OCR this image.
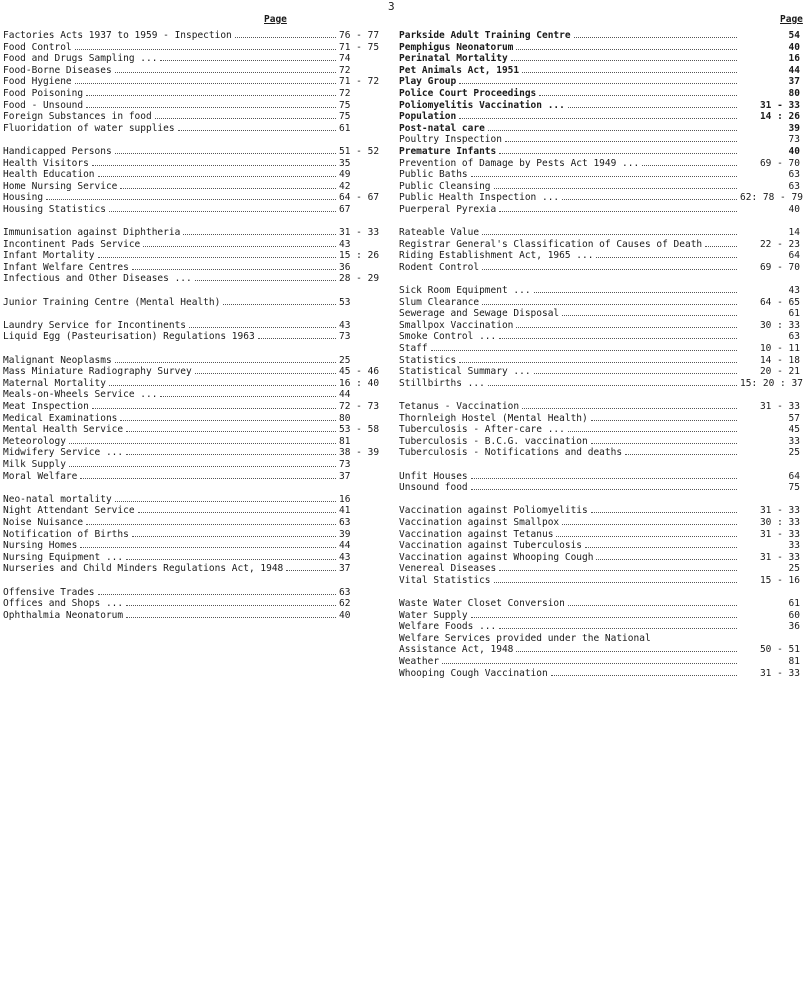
3
Page	Page
Factories Acts 1937 to 1959 - Inspection	76 - 77
Food Control	71 - 75
Food and Drugs Sampling ...	74
Food-Borne Diseases	72
Food Hygiene	71 - 72
Food Poisoning	72
Food - Unsound	75
Foreign Substances in food	75
Fluoridation of water supplies	61
Handicapped Persons	51 - 52
Health Visitors	35
Health Education	49
Home Nursing Service	42
Housing	64 - 67
Housing Statistics	67
Immunisation against Diphtheria	31 - 33
Incontinent Pads Service	43
Infant Mortality	15 : 26
Infant Welfare Centres	36
Infectious and Other Diseases ...	28 - 29
Junior Training Centre (Mental Health)	53
Laundry Service for Incontinents	43
Liquid Egg (Pasteurisation) Regulations 1963	73
Malignant Neoplasms	25
Mass Miniature Radiography Survey	45 - 46
Maternal Mortality	16 : 40
Meals-on-Wheels Service ...	44
Meat Inspection	72 - 73
Medical Examinations	80
Mental Health Service	53 - 58
Meteorology	81
Midwifery Service ...	38 - 39
Milk Supply	73
Moral Welfare	37
Neo-natal mortality	16
Night Attendant Service	41
Noise Nuisance	63
Notification of Births	39
Nursing Homes	44
Nursing Equipment ...	43
Nurseries and Child Minders Regulations Act, 1948	37
Offensive Trades	63
Offices and Shops ...	62
Ophthalmia Neonatorum	40
Parkside Adult Training Centre	54
Pemphigus Neonatorum	40
Perinatal Mortality	16
Pet Animals Act, 1951	44
Play Group	37
Police Court Proceedings	80
Poliomyelitis Vaccination ...	31 - 33
Population	14 : 26
Post-natal care	39
Poultry Inspection	73
Premature Infants	40
Prevention of Damage by Pests Act 1949 ...	69 - 70
Public Baths	63
Public Cleansing	63
Public Health Inspection ...	62: 78 - 79
Puerperal Pyrexia	40
Rateable Value	14
Registrar General's Classification of Causes of Death	22 - 23
Riding Establishment Act, 1965 ...	64
Rodent Control	69 - 70
Sick Room Equipment ...	43
Slum Clearance	64 - 65
Sewerage and Sewage Disposal	61
Smallpox Vaccination	30 : 33
Smoke Control ...	63
Staff	10 - 11
Statistics	14 - 18
Statistical Summary ...	20 - 21
Stillbirths ...	15: 20 : 37
Tetanus - Vaccination	31 - 33
Thornleigh Hostel (Mental Health)	57
Tuberculosis - After-care ...	45
Tuberculosis - B.C.G. vaccination	33
Tuberculosis - Notifications and deaths	25
Unfit Houses	64
Unsound food	75
Vaccination against Poliomyelitis	31 - 33
Vaccination against Smallpox	30 : 33
Vaccination against Tetanus	31 - 33
Vaccination against Tuberculosis	33
Vaccination against Whooping Cough	31 - 33
Venereal Diseases	25
Vital Statistics	15 - 16
Waste Water Closet Conversion	61
Water Supply	60
Welfare Foods ...	36
Welfare Services provided under the National
Assistance Act, 1948	50 - 51
Weather	81
Whooping Cough Vaccination	31 - 33
